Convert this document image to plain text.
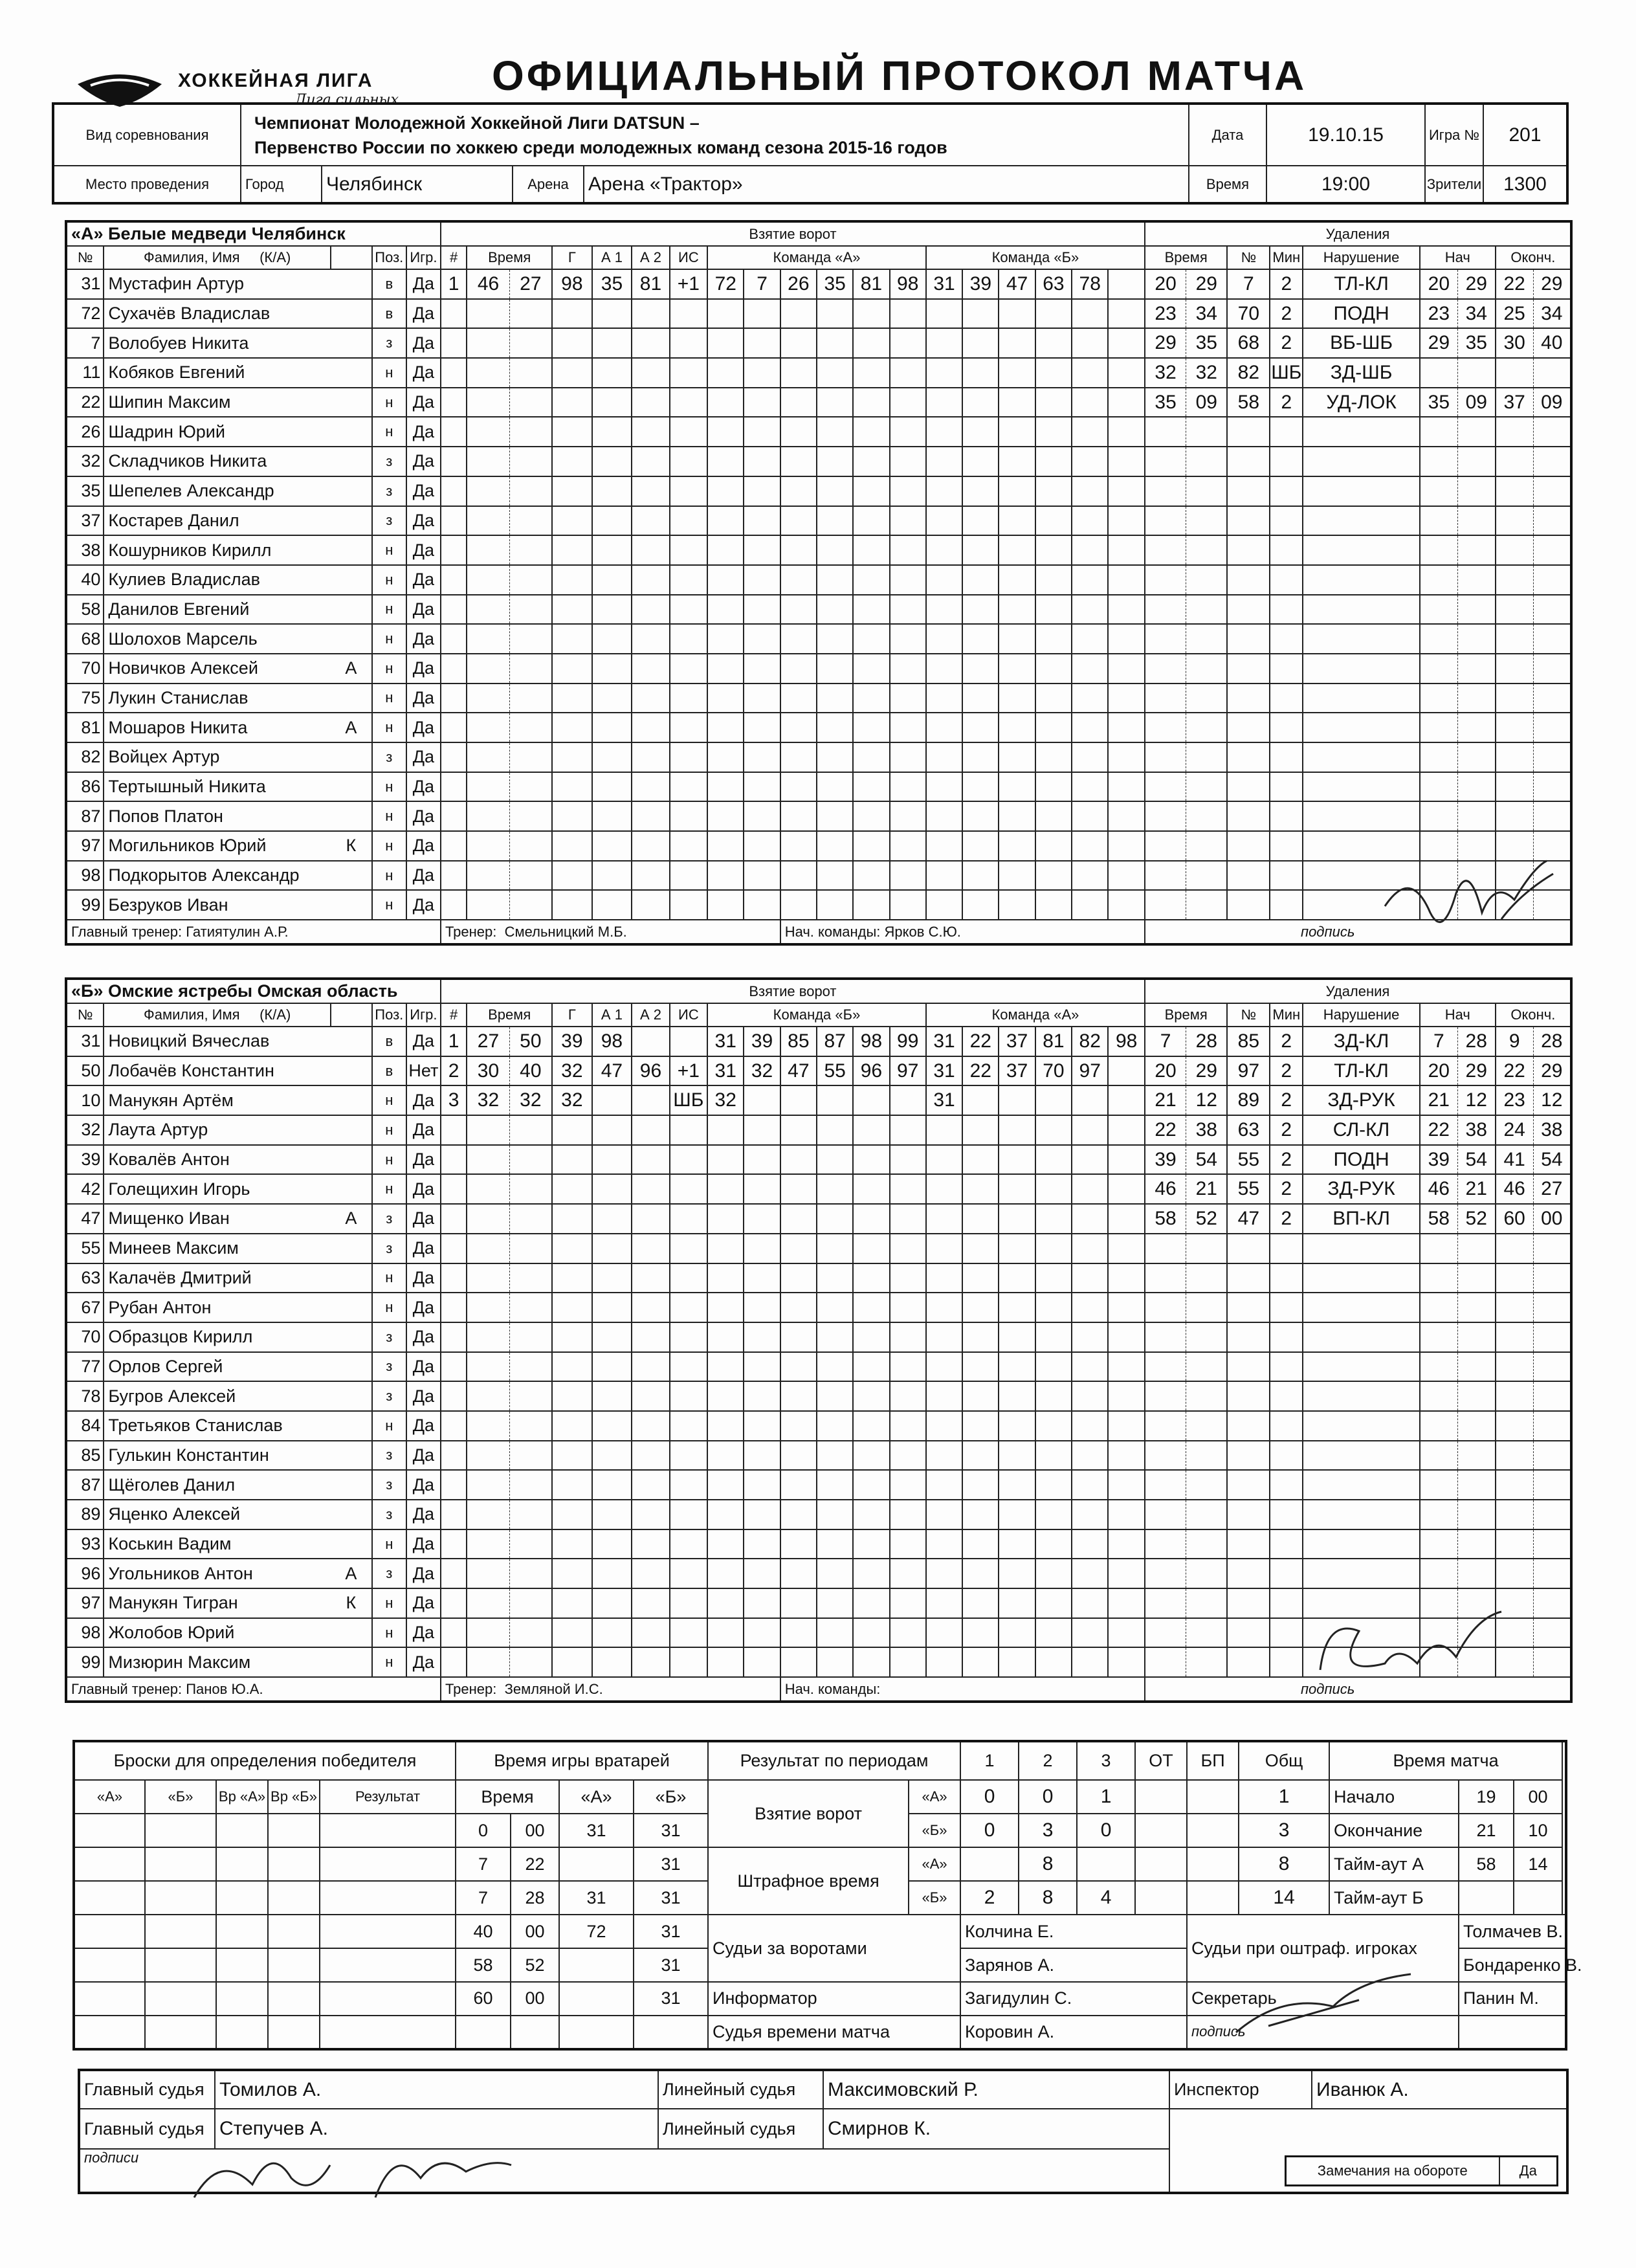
ХОККЕЙНАЯ ЛИГА
Лига сильных
ОФИЦИАЛЬНЫЙ ПРОТОКОЛ МАТЧА
Вид соревнования	Чемпионат Молодежной Хоккейной Лиги DATSUN –
Первенство России по хоккею среди молодежных команд сезона 2015-16 годов				Дата	19.10.15	Игра №	201
Место проведения	Город	Челябинск	Арена	Арена «Трактор»	Время	19:00	Зрители	1300
«А» Белые медведи Челябинск					Взятие ворот																			Удаления								
№	Фамилия, Имя (К/А)		Поз.	Игр.	#	Время		Г	А 1	А 2	ИС	Команда «А»						Команда «Б»						Время		№	Мин	Нарушение	Нач		Оконч.	
31	Мустафин Артур		в	Да	1	46	27	98	35	81	+1	72	7	26	35	81	98	31	39	47	63	78		20	29	7	2	ТЛ-КЛ	20	29	22	29
72	Сухачёв Владислав		в	Да																				23	34	70	2	ПОДН	23	34	25	34
7	Волобуев Никита		з	Да																				29	35	68	2	ВБ-ШБ	29	35	30	40
11	Кобяков Евгений		н	Да																				32	32	82	ШБ	ЗД-ШБ				
22	Шипин Максим		н	Да																				35	09	58	2	УД-ЛОК	35	09	37	09
26	Шадрин Юрий		н	Да																												
32	Складчиков Никита		з	Да																												
35	Шепелев Александр		з	Да																												
37	Костарев Данил		з	Да																												
38	Кошурников Кирилл		н	Да																												
40	Кулиев Владислав		н	Да																												
58	Данилов Евгений		н	Да																												
68	Шолохов Марсель		н	Да																												
70	Новичков Алексей	А	н	Да																												
75	Лукин Станислав		н	Да																												
81	Мошаров Никита	А	н	Да																												
82	Войцех Артур		з	Да																												
86	Тертышный Никита		н	Да																												
87	Попов Платон		н	Да																												
97	Могильников Юрий	К	н	Да																												
98	Подкорытов Александр		н	Да																												
99	Безруков Иван		н	Да																												
Главный тренер: Гатиятулин А.Р.					Тренер: Смельницкий М.Б.									Нач. команды: Ярков С.Ю.										подпись								
«Б» Омские ястребы Омская область					Взятие ворот																			Удаления								
№	Фамилия, Имя (К/А)		Поз.	Игр.	#	Время		Г	А 1	А 2	ИС	Команда «Б»						Команда «А»						Время		№	Мин	Нарушение	Нач		Оконч.	
31	Новицкий Вячеслав		в	Да	1	27	50	39	98			31	39	85	87	98	99	31	22	37	81	82	98	7	28	85	2	ЗД-КЛ	7	28	9	28
50	Лобачёв Константин		в	Нет	2	30	40	32	47	96	+1	31	32	47	55	96	97	31	22	37	70	97		20	29	97	2	ТЛ-КЛ	20	29	22	29
10	Манукян Артём		н	Да	3	32	32	32			ШБ	32						31						21	12	89	2	ЗД-РУК	21	12	23	12
32	Лаута Артур		н	Да																				22	38	63	2	СЛ-КЛ	22	38	24	38
39	Ковалёв Антон		н	Да																				39	54	55	2	ПОДН	39	54	41	54
42	Голещихин Игорь		н	Да																				46	21	55	2	ЗД-РУК	46	21	46	27
47	Мищенко Иван	А	з	Да																				58	52	47	2	ВП-КЛ	58	52	60	00
55	Минеев Максим		з	Да																												
63	Калачёв Дмитрий		н	Да																												
67	Рубан Антон		н	Да																												
70	Образцов Кирилл		з	Да																												
77	Орлов Сергей		з	Да																												
78	Бугров Алексей		з	Да																												
84	Третьяков Станислав		н	Да																												
85	Гулькин Константин		з	Да																												
87	Щёголев Данил		з	Да																												
89	Яценко Алексей		з	Да																												
93	Коськин Вадим		н	Да																												
96	Угольников Антон	А	з	Да																												
97	Манукян Тигран	К	н	Да																												
98	Жолобов Юрий		н	Да																												
99	Мизюрин Максим		н	Да																												
Главный тренер: Панов Ю.А.					Тренер: Земляной И.С.									Нач. команды:										подпись								
Броски для определения победителя					Время игры вратарей				Результат по периодам		1	2	3	ОТ	БП	Общ	Время матча		
«А»	«Б»	Вр «А»	Вр «Б»	Результат	Время		«А»	«Б»	Взятие ворот	«А»	0	0	1			1	Начало	19	00
					0	00	31	31		«Б»	0	3	0			3	Окончание	21	10
					7	22		31	Штрафное время	«А»		8				8	Тайм-аут А	58	14
					7	28	31	31		«Б»	2	8	4			14	Тайм-аут Б		
					40	00	72	31	Судьи за воротами		Колчина Е.				Судьи при оштраф. игроках			Толмачев В.	
					58	52		31			Зарянов А.							Бондаренко В.	
					60	00		31	Информатор		Загидулин С.				Секретарь			Панин М.	
									Судья времени матча		Коровин А.				подпись				
Главный судья	Томилов А.	Линейный судья	Максимовский Р.	Инспектор	Иванюк А.
Главный судья	Степучев А.	Линейный судья	Смирнов К.		
подписи					
Замечания на обороте	Да
